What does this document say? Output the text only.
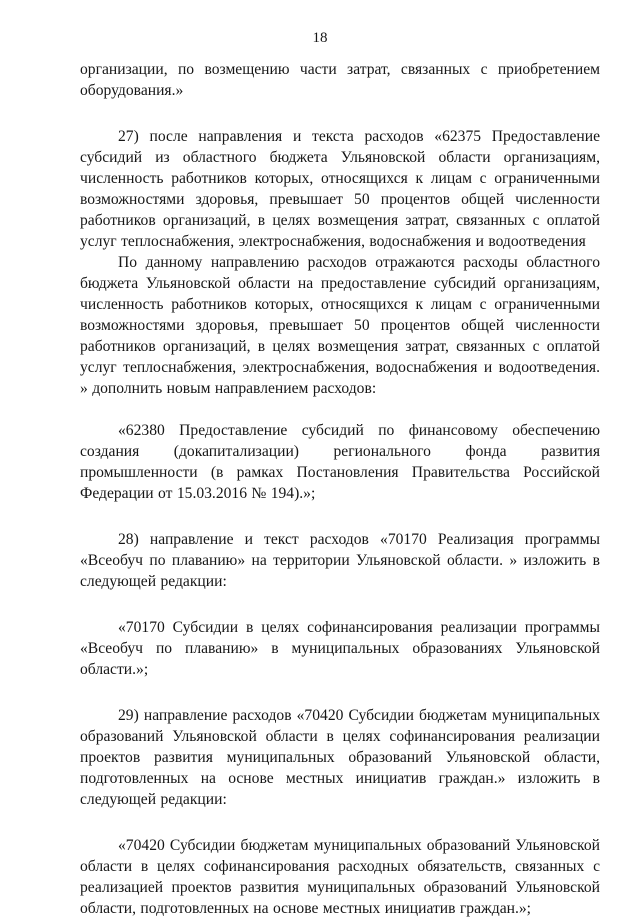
18

организации, по возмещению части затрат, связанных с приобретением оборудования.»

27) после направления и текста расходов «62375 Предоставление субсидий из областного бюджета Ульяновской области организациям, численность работников которых, относящихся к лицам с ограниченными возможностями здоровья, превышает 50 процентов общей численности работников организаций, в целях возмещения затрат, связанных с оплатой услуг теплоснабжения, электроснабжения, водоснабжения и водоотведения

По данному направлению расходов отражаются расходы областного бюджета Ульяновской области на предоставление субсидий организациям, численность работников которых, относящихся к лицам с ограниченными возможностями здоровья, превышает 50 процентов общей численности работников организаций, в целях возмещения затрат, связанных с оплатой услуг теплоснабжения, электроснабжения, водоснабжения и водоотведения. » дополнить новым направлением расходов:

«62380 Предоставление субсидий по финансовому обеспечению создания (докапитализации) регионального фонда развития промышленности (в рамках Постановления Правительства Российской Федерации от 15.03.2016 № 194).»;

28) направление и текст расходов «70170 Реализация программы «Всеобуч по плаванию» на территории Ульяновской области. » изложить в следующей редакции:

«70170 Субсидии в целях софинансирования реализации программы «Всеобуч по плаванию» в муниципальных образованиях Ульяновской области.»;

29) направление расходов «70420 Субсидии бюджетам муниципальных образований Ульяновской области в целях софинансирования реализации проектов развития муниципальных образований Ульяновской области, подготовленных на основе местных инициатив граждан.» изложить в следующей редакции:

«70420 Субсидии бюджетам муниципальных образований Ульяновской области в целях софинансирования расходных обязательств, связанных с реализацией проектов развития муниципальных образований Ульяновской области, подготовленных на основе местных инициатив граждан.»;
